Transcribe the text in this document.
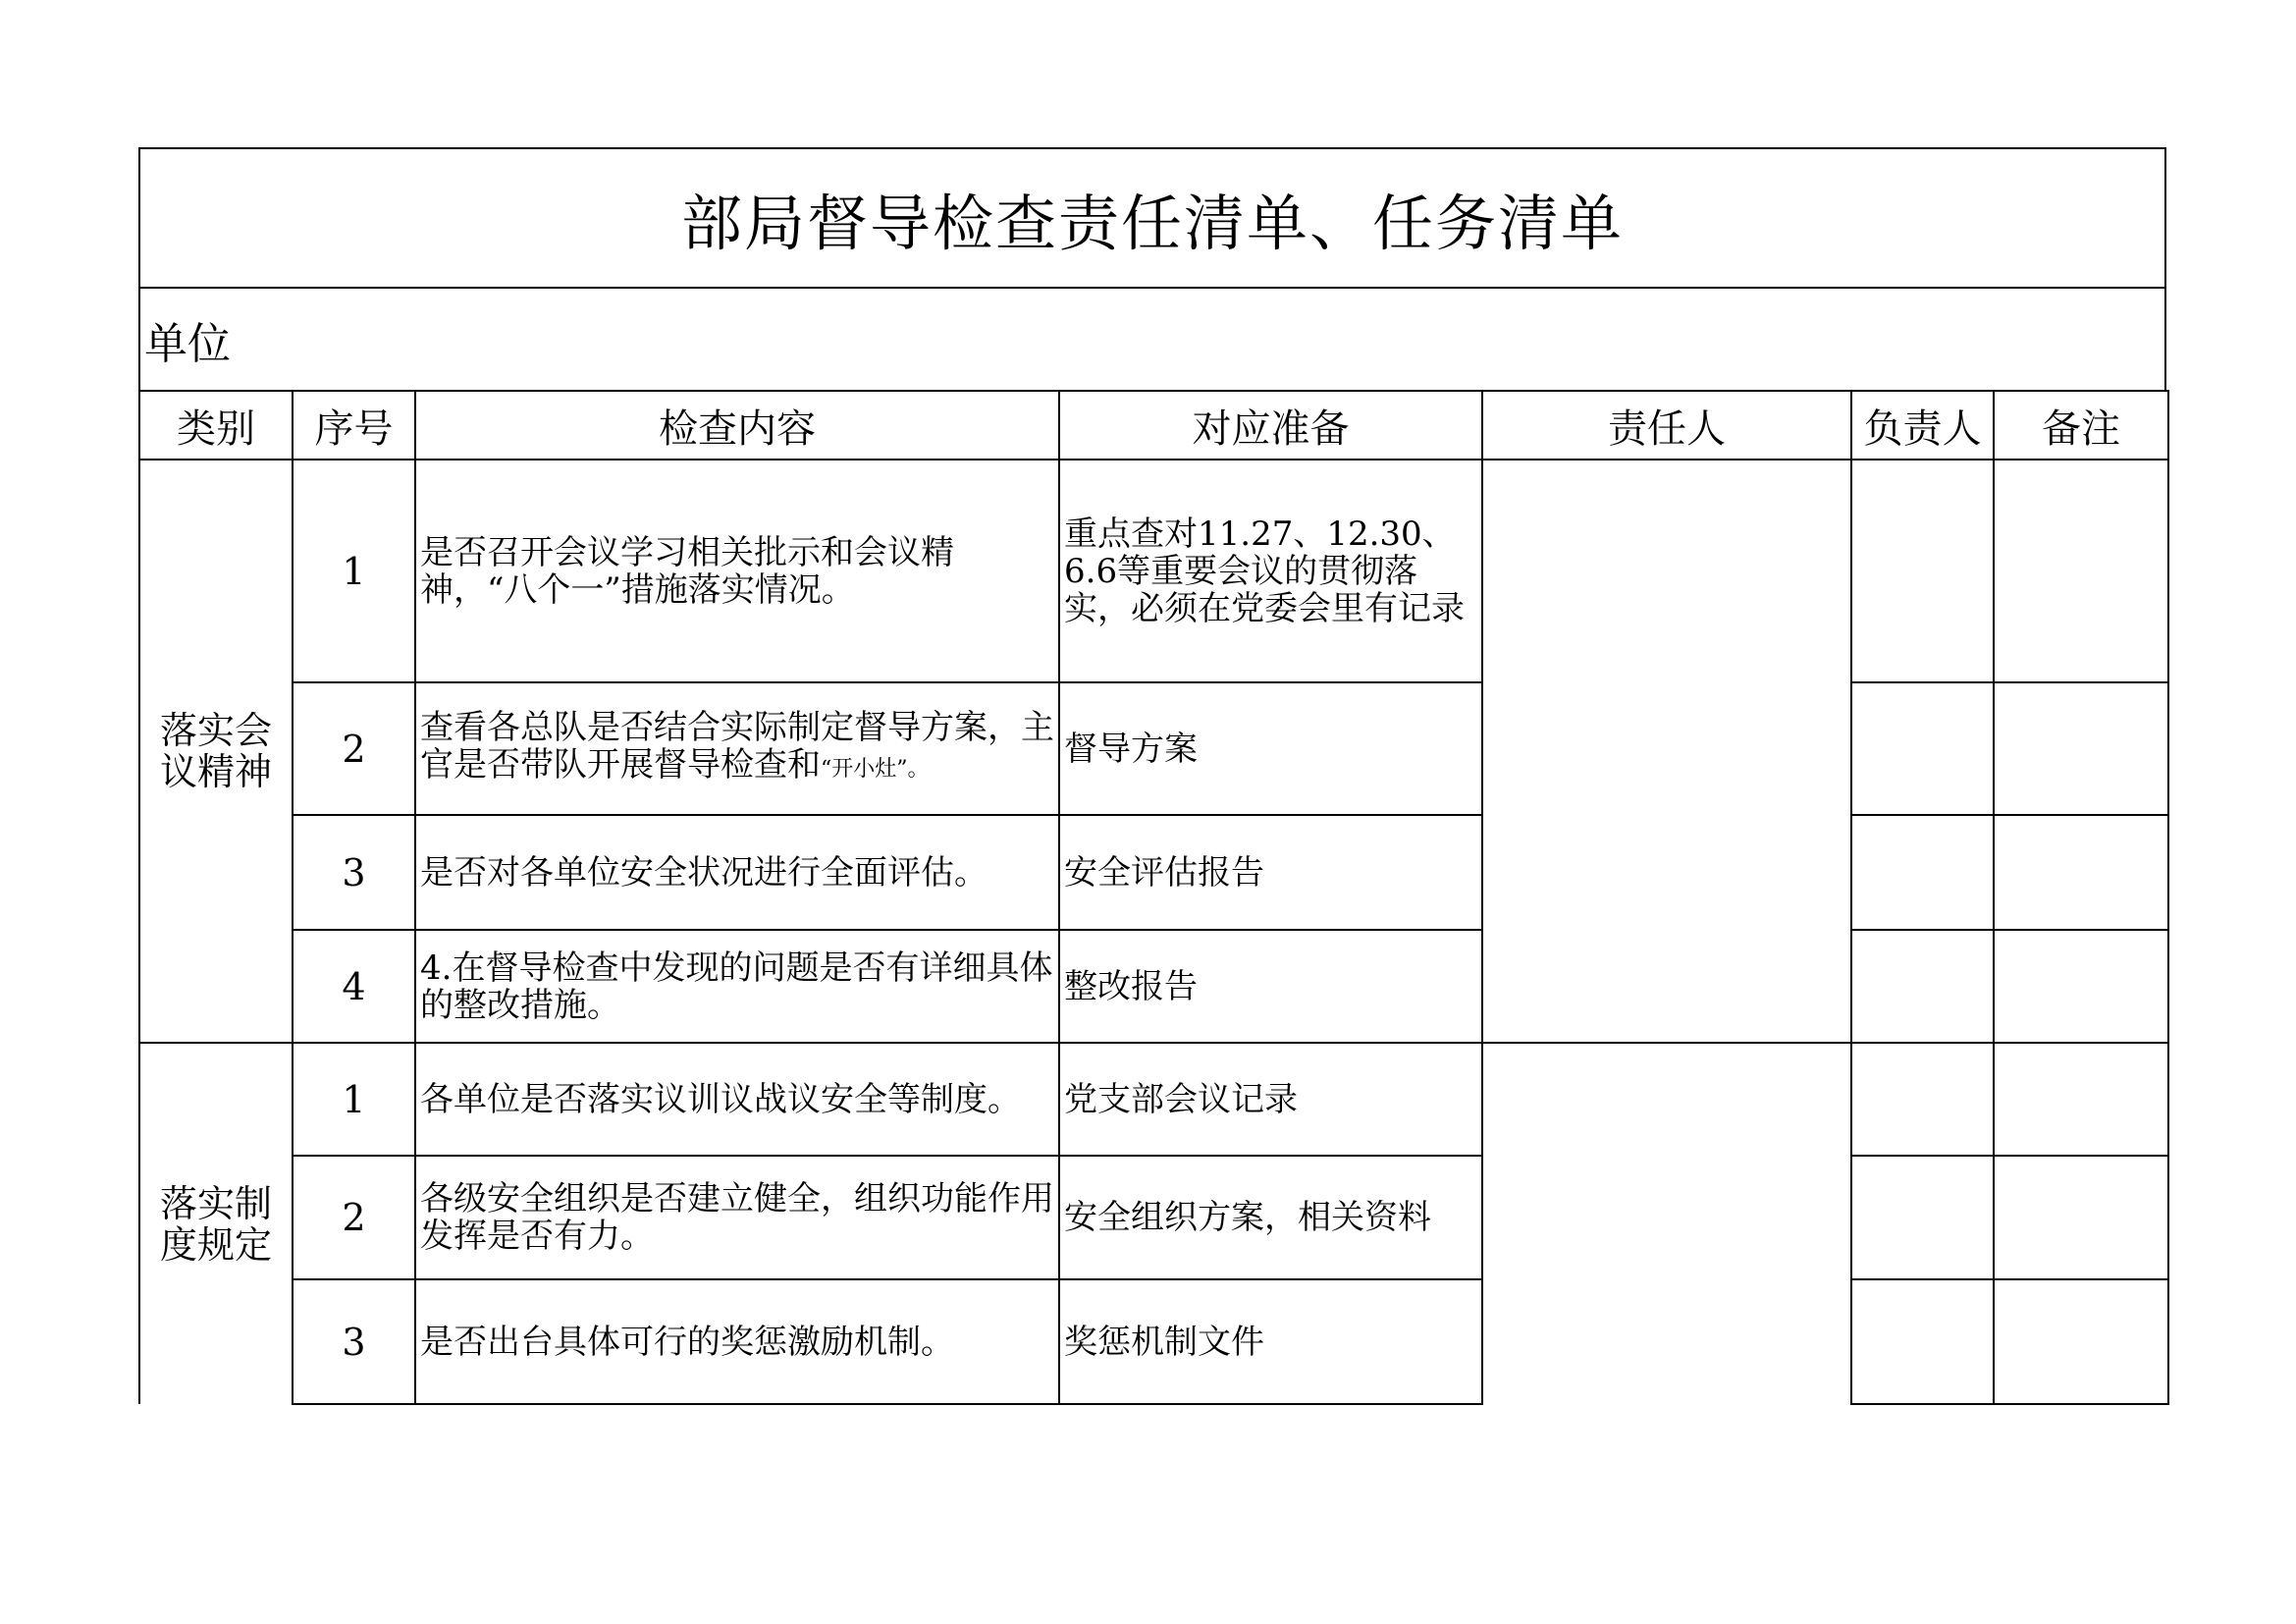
部局督导检查责任清单、任务清单
单位
类别	序号	检查内容	对应准备	责任人	负责人	备注

落实会议精神	1	是否召开会议学习相关批示和会议精神，“八个一”措施落实情况。	重点查对11.27、12.30、6.6等重要会议的贯彻落实，必须在党委会里有记录			
	2	查看各总队是否结合实际制定督导方案，主官是否带队开展督导检查和“开小灶”。	督导方案			
	3	是否对各单位安全状况进行全面评估。	安全评估报告			
	4	4.在督导检查中发现的问题是否有详细具体的整改措施。	整改报告			

落实制度规定	1	各单位是否落实议训议战议安全等制度。	党支部会议记录			
	2	各级安全组织是否建立健全，组织功能作用发挥是否有力。	安全组织方案，相关资料			
	3	是否出台具体可行的奖惩激励机制。	奖惩机制文件			
